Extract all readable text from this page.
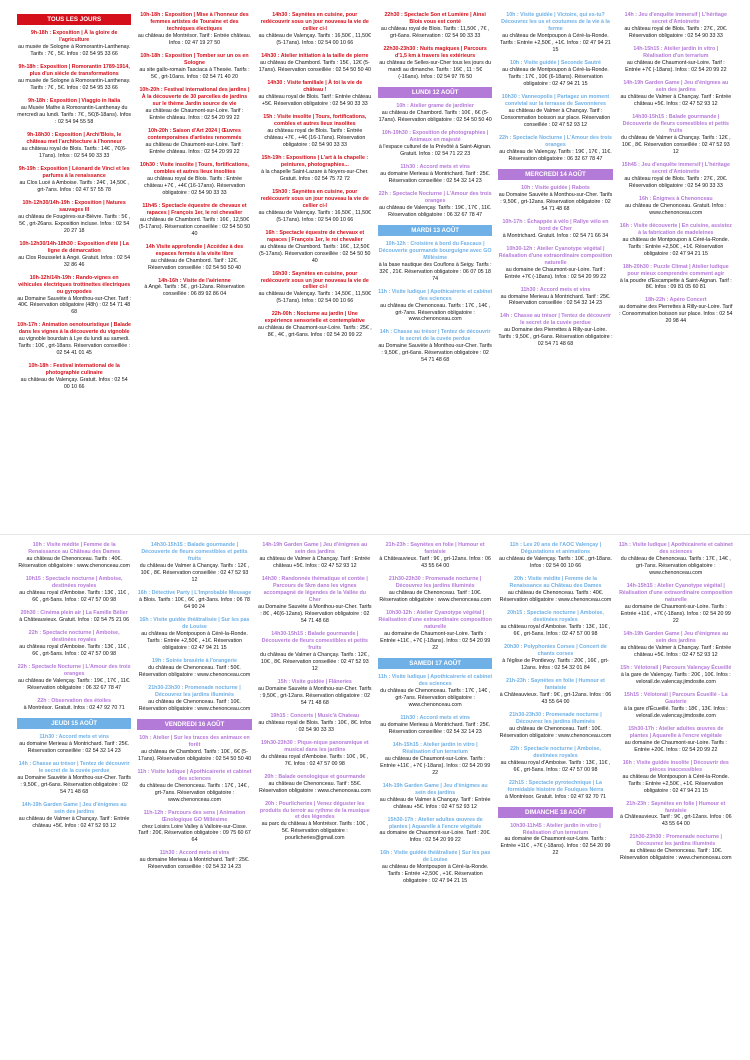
TOUS LES JOURS
9h-18h : Exposition | À la gloire de l'agriculture
au musée de Sologne à Romorantin-Lanthenay. Tarifs : 7€ , 5€. Infos : 02 54 95 33 66
9h-18h : Exposition | Romorantin 1789-1914, plus d'un siècle de transformations
au musée de Sologne à Romorantin-Lanthenay. Tarifs : 7€ , 5€. Infos : 02 54 95 33 66
9h-18h : Exposition | Viaggio in Italia
au Musée Mathe à Romorantin-Lanthenay du mercredi au lundi. Tarifs : 7€ , 5€(8-18ans). Infos : 02 54 94 55 58
9h-18h30 : Exposition | Archi'Blois, le château met l'architecture à l'honneur
au château royal de Blois. Tarifs : 14€ , 7€(6-17ans). Infos : 02 54 90 33 33
9h-19h : Exposition | Léonard de Vinci et les parfums à la renaissance
au Clos Lucé à Amboise. Tarifs : 24€ , 14,50€ , grt-7ans. Infos : 02 47 57 55 78
10h-12h30/14h-19h : Exposition | Natures sauvages III
au château de Fougères-sur-Bièvre. Tarifs : 5€ , 5€ , grt-26ans. Exposition incluse. Infos : 02 54 20 27 18
10h-12h30/14h-18h30 : Exposition d'été | La ligne de démarcation
au Clos Rousselet à Angé. Gratuit. Infos : 02 54 32 86 46
10h-12h/14h-19h : Rando-vignes en véhicules électriques trottinettes électriques ou gyropodes
au Domaine Sauvète à Monthou-sur-Cher. Tarif : 40€. Réservation obligatoire (48h) : 02 54 71 48 68
10h-17h : Animation oenotouristique | Balade dans les vignes à la découverte du vignoble
au vignoble bourdain à Lye du lundi au samedi. Tarifs : 10€ , grt-18ans. Réservation conseillée : 02 54 41 01 45
10h-18h : Festival international de la photographie culinaire
au château de Valençay. Gratuit. Infos : 02 54 00 10 66
10h-18h : Exposition | Mise à l'honneur des femmes artistes de Touraine et des techniques électiques
au château de Montrésor. Tarif : Entrée château. Infos : 02 47 19 27 50
10h-18h : Exposition | Tomber sur un os en Sologne
au site gallo-romain Tasciaca à Thesée. Tarifs : 5€ , grt-10ans. Infos : 02 54 71 40 20
10h-20h : Festival international des jardins | À la découverte de 30 parcelles de jardins sur le thème Jardin source de vie
au château de Chaumont-sur-Loire. Tarif : Entrée château. Infos : 02 54 20 99 22
10h-20h : Saison d'Art 2024 | Œuvres contemporaines d'artistes renommés
au château de Chaumont-sur-Loire. Tarif : Entrée château. Infos : 02 54 20 99 22
10h30 : Visite insolite | Tours, fortifications, combles et autres lieux insolites
au château royal de Blois. Tarifs : Entrée château +7€ , +4€ (16-17ans). Réservation obligatoire : 02 54 90 33 33
11h45 : Spectacle équestre de chevaux et rapaces | François 1er, le roi chevalier
au château de Chambord. Tarifs : 16€ , 12,50€ (5-17ans). Réservation conseillée : 02 54 50 50 40
14h Visite approfondie | Accédez à des espaces fermés à la visite libre
au château de Chambord. Tarif : 12€. Réservation conseillée : 02 54 50 50 40
14h-16h : Visite de l'aérienne
à Angé. Tarifs : 5€ , grt-12ans. Réservation conseillée : 06 89 92 86 04
14h30 : Saynètes en cuisine, pour redécouvrir sous un jour nouveau la vie de cellier ci-l
au château de Valençay. Tarifs : 16,50€ , 11,50€ (5-17ans). Infos : 02 54 00 10 66
14h30 : Atelier initiation à la taille de pierre
au château de Chambord. Tarifs : 15€ , 12€ (5-17ans). Réservation conseillée : 02 54 50 50 40
14h30 : Visite familiale | À toi la vie de château !
au château royal de Blois. Tarif : Entrée château +5€. Réservation obligatoire : 02 54 90 33 33
15h : Visite insolite | Tours, fortifications, combles et autres lieux insolites
au château royal de Blois. Tarifs : Entrée château +7€ , +4€ (16-17ans). Réservation obligatoire : 02 54 90 33 33
15h-19h : Expositions | L'art à la chapelle : peintures, photographies...
à la chapelle Saint-Lazare à Noyers-sur-Cher. Gratuit. Infos : 02 54 75 72 72
15h30 : Saynètes en cuisine, pour redécouvrir sous un jour nouveau la vie de cellier ci-l
au château de Valençay. Tarifs : 16,50€ , 11,50€ (5-17ans). Infos : 02 54 00 10 66
16h : Spectacle équestre de chevaux et rapaces | François 1er, le roi chevalier
au château de Chambord. Tarifs : 16€ , 12,50€ (5-17ans). Réservation conseillée : 02 54 50 50 40
16h30 : Saynètes en cuisine, pour redécouvrir sous un jour nouveau la vie de cellier ci-l
au château de Valençay. Tarifs : 14,50€ , 11,50€ (5-17ans). Infos : 02 54 00 10 66
22h-00h : Nocturne au jardin | Une expérience sensorielle et contemplative
au château de Chaumont-sur-Loire. Tarifs : 25€ , 8€ , 4€ , grt-6ans. Infos : 02 54 20 99 22
22h30 : Spectacle Son et Lumière | Ainsi Blois vous est conté
au château royal de Blois. Tarifs : 11,50€ , 7€ , grt-6ans. Réservation : 02 54 90 33 33
22h30-23h30 : Nuits magiques | Parcours d'1,5 km à travers les extérieurs
au château de Selles-sur-Cher tous les jours du mardi au dimanche. Tarifs : 16€ , 11 : 5€ (-16ans). Infos : 02 54 97 76 50
LUNDI 12 AOÛT
10h : Atelier grame de jardinier
au château de Chambord. Tarifs : 10€ , 6€ (5-17ans). Réservation obligatoire : 02 54 50 50 40
10h-19h30 : Exposition de photographies | Animaux en majesté
à l'espace culturel de la Prévôté à Saint-Aignan. Gratuit. Infos : 02 54 71 22 23
11h30 : Accord mets et vins
au domaine Merieau à Montrichard. Tarif : 25€. Réservation conseillée : 02 54 32 14 23
22h : Spectacle Nocturne | L'Amour des trois oranges
au château de Valençay. Tarifs : 19€ , 17€ , 11€. Réservation obligatoire : 06 32 67 78 47
MARDI 13 AOÛT
10h-12h : Croisière à bord du Fascaux | Découverte gourmande bourguigne avec GO Millésime
à la base nautique des Couflons à Seigy. Tarifs : 32€ , 21€. Réservation obligatoire : 06 07 05 18 74
11h : Visite ludique | Apothicairerie et cabinet des sciences
au château de Chenonceau. Tarifs : 17€ , 14€ , grt-7ans. Réservation obligatoire : www.chenonceau.com
14h : Chasse au trésor | Tentez de découvrir le secret de la cuvée perdue
au Domaine Sauvète à Monthou-sur-Cher. Tarifs : 9,50€ , grt-6ans. Réservation obligatoire : 02 54 71 48 68
10h : Visite guidée | Victoire, qui es-tu? Découvrez les us et coutumes de la vie à la ferme
au château de Montpoupon à Céré-la-Ronde. Tarifs : Entrée +2,50€ , +1€. Infos : 02 47 94 21 15
10h : Visite guidée | Seconde Sautré
au château de Montpoupon à Céré-la-Ronde. Tarifs : 17€ , 10€ (6-18ans). Réservation obligatoire : 02 47 94 21 15
10h30 : Vanneopolis | Partagez un moment convivial sur la terrasse de Savonnieres
au château de Valmer à Chançay. Tarif : Consommation boisson sur place. Réservation conseillée : 02 47 52 93 12
22h : Spectacle Nocturne | L'Amour des trois oranges
au château de Valençay. Tarifs : 19€ , 17€ , 11€. Réservation obligatoire : 06 32 67 78 47
MERCREDI 14 AOÛT
10h : Visite guidée | Rabots
au Domaine Sauvète à Monthou-sur-Cher. Tarifs : 9,50€ , grt-12ans. Réservation obligatoire : 02 54 71 48 68
10h-17h : Échappée à vélo | Rallye vélo en bord de Cher
à Montrichard. Gratuit. Infos : 02 54 71 66 34
10h30-12h : Atelier Cyanotype végétal | Réalisation d'une extraordinaire composition naturelle
au domaine de Chaumont-sur-Loire. Tarif : Entrée +7€ (-18ans). Infos : 02 54 20 99 22
11h30 : Accord mets et vins
au domaine Merieau à Montrichard. Tarif : 25€. Réservation conseillée : 02 54 32 14 23
14h : Chasse au trésor | Tentez de découvrir le secret de la cuvée perdue
au Domaine des Pierrettes à Rilly-sur-Loire. Tarifs : 9,50€ , grt-6ans. Réservation obligatoire : 02 54 71 48 68
14h : Jeu d'enquête immersif | L'héritage secret d'Antoinette
au château royal de Blois. Tarifs : 27€ , 20€. Réservation obligatoire : 02 54 90 33 33
14h-15h15 : Atelier jardin in vitro | Réalisation d'un terrarium
au château de Chaumont-sur-Loire. Tarif : Entrée +7€ (-18ans). Infos : 02 54 20 99 22
14h-19h Garden Game | Jeu d'énigmes au sein des jardins
au château de Valmer à Chançay. Tarif : Entrée château +5€. Infos : 02 47 52 93 12
14h30-15h15 : Balade gourmande | Découverte de fleurs comestibles et petits fruits
du château de Valmer à Chançay. Tarifs : 12€ , 10€ , 8€. Réservation conseillée : 02 47 52 93 12
15h45 : Jeu d'enquête immersif | L'héritage secret d'Antoinette
au château royal de Blois. Tarifs : 27€ , 20€. Réservation obligatoire : 02 54 90 33 33
16h : Énigmes à Chenonceau
au château de Chenonceau. Gratuit. Infos : www.chenonceau.com
16h : Visite découverte | En cuisine, assistez à la fabrication de madeleines
au château de Montpoupon à Céré-la-Ronde. Tarifs : Entrée +2,50€ , +1€. Réservation obligatoire : 02 47 94 21 15
18h-20h30 : Puzzle Climat | Atelier ludique pour mieux comprendre comment agir
à la poudre d'Escampette à Saint-Aignan. Tarif : 8€. Infos : 09 81 05 60 81
18h-22h : Apéro Concert
au domaine des Pierrettes à Rilly-sur-Loire. Tarif : Consommation boisson sur place. Infos : 02 54 20 98 44
10h : Visite médite | Femme de la Renaissance au Château des Dames
au château de Chenonceau. Tarifs : 40€. Réservation obligatoire : www.chenonceau.com
10h15 : Spectacle nocturne | Amboise, destinées royales
au château royal d'Amboise. Tarifs : 13€ , 11€ , 6€ , grt-5ans. Infos : 02 47 57 00 98
20h30 : Cinéma plein air | La Famille Bélier
à Châteauvieux. Gratuit. Infos : 02 54 75 21 06
22h : Spectacle nocturne | Amboise, destinées royales
au château royal d'Amboise. Tarifs : 13€ , 11€ , 6€ , grt-5ans. Infos : 02 47 57 00 98
22h : Spectacle Nocturne | L'Amour des trois oranges
au château de Valençay. Tarifs : 19€ , 17€ , 11€. Réservation obligatoire : 06 32 67 78 47
22h : Observation des étoiles
à Montrésor. Gratuit. Infos : 02 47 92 70 71
JEUDI 15 AOÛT
11h30 : Accord mets et vins
au domaine Merieau à Montrichard. Tarif : 25€. Réservation conseillée : 02 54 32 14 23
14h : Chasse au trésor | Tentez de découvrir le secret de la cuvée perdue
au Domaine Sauvète à Monthou-sur-Cher. Tarifs : 9,50€ , grt-6ans. Réservation obligatoire : 02 54 71 48 68
14h-19h Garden Game | Jeu d'énigmes au sein des jardins
au château de Valmer à Chançay. Tarif : Entrée château +5€. Infos : 02 47 52 93 12
14h30-15h15 : Balade gourmande | Découverte de fleurs comestibles et petits fruits
du château de Valmer à Chançay. Tarifs : 12€ , 10€ , 8€. Réservation conseillée : 02 47 52 93 12
16h : Détective Party | L'Improbable Message
à Blois. Tarifs : 10€ , 6€ , grt-3ans. Infos : 06 78 64 90 24
16h : Visite guidée théâtralisée | Sur les pas de Louise
au château de Montpoupon à Céré-la-Ronde. Tarifs : Entrée +2,50€ , +1€. Réservation obligatoire : 02 47 94 21 15
19h : Soirée brasérie à l'orangerie
du château de Chenonceau. Tarif : 50€. Réservation obligatoire : www.chenonceau.com
21h30-23h30 : Promenade nocturne | Découvrez les jardins illuminés
au château de Chenonceau. Tarif : 10€. Réservation obligatoire : www.chenonceau.com
VENDREDI 16 AOÛT
10h : Atelier | Sur les traces des animaux en forêt
au château de Chambord. Tarifs : 10€ , 6€ (5-17ans). Réservation obligatoire : 02 54 50 50 40
11h : Visite ludique | Apothicairerie et cabinet des sciences
du château de Chenonceau. Tarifs : 17€ , 14€ , grt-7ans. Réservation obligatoire : www.chenonceau.com
11h-12h : Parcours des sens | Animation Œnologique GO Millésime
chez Loisirs Loire Valley à Valloire-sur-Cisse. Tarif : 20€. Réservation obligatoire : 09 75 60 67 64
11h30 : Accord mets et vins
au domaine Merieau à Montrichard. Tarif : 25€. Réservation conseillée : 02 54 32 14 23
14h-19h Garden Game | Jeu d'énigmes au sein des jardins
au château de Valmer à Chançay. Tarif : Entrée château +5€. Infos : 02 47 52 93 12
14h30 : Randonnée thématique et contée | Parcours de 5km dans les vignes accompagné de légendes de la Vallée du Cher
au Domaine Sauvète à Monthou-sur-Cher. Tarifs : 8€ , 4€(6-12ans). Réservation obligatoire : 02 54 71 48 68
14h30-15h15 : Balade gourmande | Découverte de fleurs comestibles et petits fruits
du château de Valmer à Chançay. Tarifs : 12€ , 10€ , 8€. Réservation conseillée : 02 47 52 93 12
15h : Visite guidée | Flâneries
au Domaine Sauvète à Monthou-sur-Cher. Tarifs : 9,50€ , grt-12ans. Réservation obligatoire : 02 54 71 48 68
19h15 : Concerts | Music'à Chateau
au château royal de Blois. Tarifs : 10€ , 8€. Infos : 02 54 90 33 33
19h30-23h30 : Pique-nique panoramique et musical dans les jardins
du château royal d'Amboise. Tarifs : 10€ , 9€ , 7€. Infos : 02 47 57 00 98
20h : Balade oenologique et gourmande
au château de Chenonceau. Tarif : 55€. Réservation obligatoire : www.chenonceau.com
20h : Pourlicheries | Venez déguster les produits du terroir au rythme de la musique et des légendes
au parc du château à Montrésor. Tarifs : 10€ , 5€. Réservation obligatoire : pourlicheries@gmail.com
21h-23h : Saynètes en folie | Humour et fantaisie
à Châteauvieux. Tarif : 9€ , grt-12ans. Infos : 06 43 55 64 00
21h30-23h30 : Promenade nocturne | Découvrez les jardins illuminés
au château de Chenonceau. Tarif : 10€. Réservation obligatoire : www.chenonceau.com
10h30-12h : Atelier Cyanotype végétal | Réalisation d'une extraordinaire composition naturelle
au domaine de Chaumont-sur-Loire. Tarifs : Entrée +11€ , +7€ (-18ans). Infos : 02 54 20 99 22
SAMEDI 17 AOÛT
11h : Visite ludique | Apothicairerie et cabinet des sciences
du château de Chenonceau. Tarifs : 17€ , 14€ , grt-7ans. Réservation obligatoire : www.chenonceau.com
11h30 : Accord mets et vins
au domaine Merieau à Montrichard. Tarif : 25€. Réservation conseillée : 02 54 32 14 23
14h-15h15 : Atelier jardin in vitro | Réalisation d'un terrarium
au château de Chaumont-sur-Loire. Tarifs : Entrée +11€ , +7€ (-18ans). Infos : 02 54 20 99 22
14h-19h Garden Game | Jeu d'énigmes au sein des jardins
au château de Valmer à Chançay. Tarif : Entrée château +5€. Infos : 02 47 52 93 12
15h30-17h : Atelier adultes œuvres de plantes | Aquarelle à l'encre végétale
au domaine de Chaumont-sur-Loire. Tarif : 20€. Infos : 02 54 20 99 22
16h : Visite guidée théâtralisée | Sur les pas de Louise
au château de Montpoupon à Céré-la-Ronde. Tarifs : Entrée +2,50€ , +1€. Réservation obligatoire : 02 47 94 21 15
11h : Les 20 ans de l'AOC Valençay | Dégustations et animations
au château de Valençay. Tarifs : 10€ , grt-18ans. Infos : 02 54 00 10 66
20h : Visite médite | Femme de la Renaissance au Château des Dames
au château de Chenonceau. Tarifs : 40€. Réservation obligatoire : www.chenonceau.com
20h15 : Spectacle nocturne | Amboise, destinées royales
au château royal d'Amboise. Tarifs : 13€ , 11€ , 6€ , grt-5ans. Infos : 02 47 57 00 98
20h30 : Polyphonies Corses | Concert de chants corses
à l'église de Pontlevoy. Tarifs : 20€ , 16€ , grt-12ans. Infos : 02 54 32 01 84
21h-23h : Saynètes en folie | Humour et fantaisie
à Châteauvieux. Tarif : 9€ , grt-12ans. Infos : 06 43 55 64 00
21h30-23h30 : Promenade nocturne | Découvrez les jardins illuminés
au château de Chenonceau. Tarif : 10€. Réservation obligatoire : www.chenonceau.com
22h : Spectacle nocturne | Amboise, destinées royales
au château royal d'Amboise. Tarifs : 13€ , 11€ , 6€ , grt-5ans. Infos : 02 47 57 00 98
22h15 : Spectacle pyrotechnique | La formidable histoire de Foulques Nerra
à Montrésor. Gratuit. Infos : 02 47 92 70 71
DIMANCHE 18 AOÛT
10h30-11h45 : Atelier jardin in vitro | Réalisation d'un terrarium
au domaine de Chaumont-sur-Loire. Tarifs : Entrée +11€ , +7€ (-18ans). Infos : 02 54 20 99 22
11h : Visite ludique | Apothicairerie et cabinet des sciences
du château de Chenonceau. Tarifs : 17€ , 14€ , grt-7ans. Réservation obligatoire : www.chenonceau.com
14h-15h15 : Atelier Cyanotype végétal | Réalisation d'une extraordinaire composition naturelle
au domaine de Chaumont-sur-Loire. Tarifs : Entrée +11€ , +7€ (-18ans). Infos : 02 54 20 99 22
14h-19h Garden Game | Jeu d'énigmes au sein des jardins
au château de Valmer à Chançay. Tarif : Entrée château +5€. Infos : 02 47 52 93 12
15h : Vélotorail | Parcours Valençay Écueillé
à la gare de Valençay. Tarifs : 20€ , 10€. Infos : velorail.de.valencay.jimdosite.com
15h15 : Vélotorail | Parcours Écueillé - La Gauterie
à la gare d'Écueillé. Tarifs : 18€ , 13€. Infos : velorail.de.valencay.jimdosite.com
15h30-17h : Atelier adultes œuvres de plantes | Aquarelle à l'encre végétale
au domaine de Chaumont-sur-Loire. Tarifs : Entrée +20€. Infos : 02 54 20 99 22
16h : Visite guidée insolite | Découvrir des pièces inaccessibles
au château de Montpoupon à Céré-la-Ronde. Tarifs : Entrée +2,50€ , +1€. Réservation obligatoire : 02 47 94 21 15
21h-23h : Saynètes en folie | Humour et fantaisie
à Châteauvieux. Tarif : 9€ , grt-12ans. Infos : 06 43 55 64 00
21h30-23h30 : Promenade nocturne | Découvrez les jardins illuminés
au château de Chenonceau. Tarif : 10€. Réservation obligatoire : www.chenonceau.com
